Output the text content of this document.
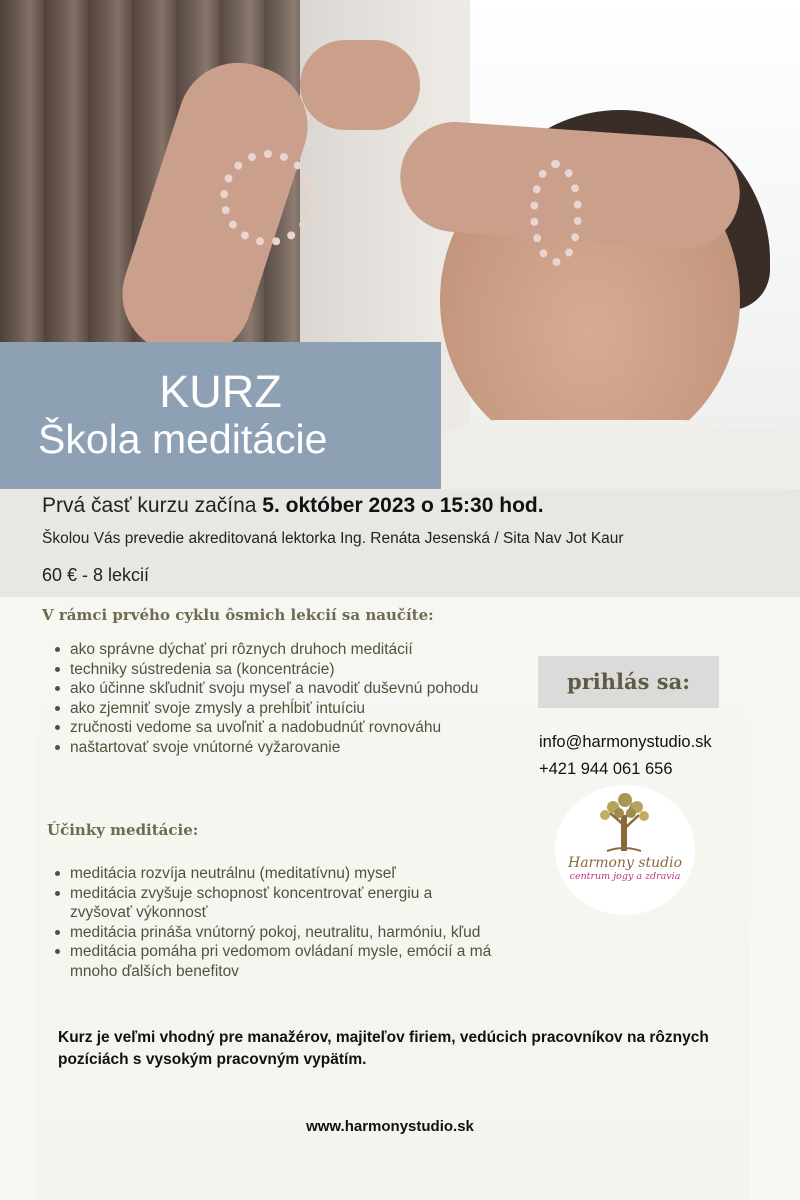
KURZ
Škola meditácie
Prvá časť kurzu začína 5. október 2023 o 15:30 hod.
Školou Vás prevedie akreditovaná lektorka Ing. Renáta Jesenská / Sita Nav Jot Kaur
60 € - 8 lekcií
V rámci prvého cyklu ôsmich lekcií sa naučíte:
ako správne dýchať pri rôznych druhoch meditácií
techniky sústredenia sa (koncentrácie)
ako účinne skľudniť svoju myseľ a navodiť duševnú pohodu
ako zjemniť svoje zmysly a prehĺbiť intuíciu
zručnosti vedome sa uvoľniť a nadobudnúť rovnováhu
naštartovať svoje vnútorné vyžarovanie
Účinky meditácie:
meditácia rozvíja neutrálnu (meditatívnu) myseľ
meditácia zvyšuje schopnosť koncentrovať energiu a zvyšovať výkonnosť
meditácia prináša vnútorný pokoj, neutralitu, harmóniu, kľud
meditácia pomáha pri vedomom ovládaní mysle, emócií a má mnoho ďalších benefitov
prihlás sa:
info@harmonystudio.sk
+421 944 061 656
Harmony studio
centrum jogy a zdravia
Kurz je veľmi vhodný pre manažérov, majiteľov firiem, vedúcich pracovníkov na rôznych pozíciách s vysokým pracovným vypätím.
www.harmonystudio.sk
